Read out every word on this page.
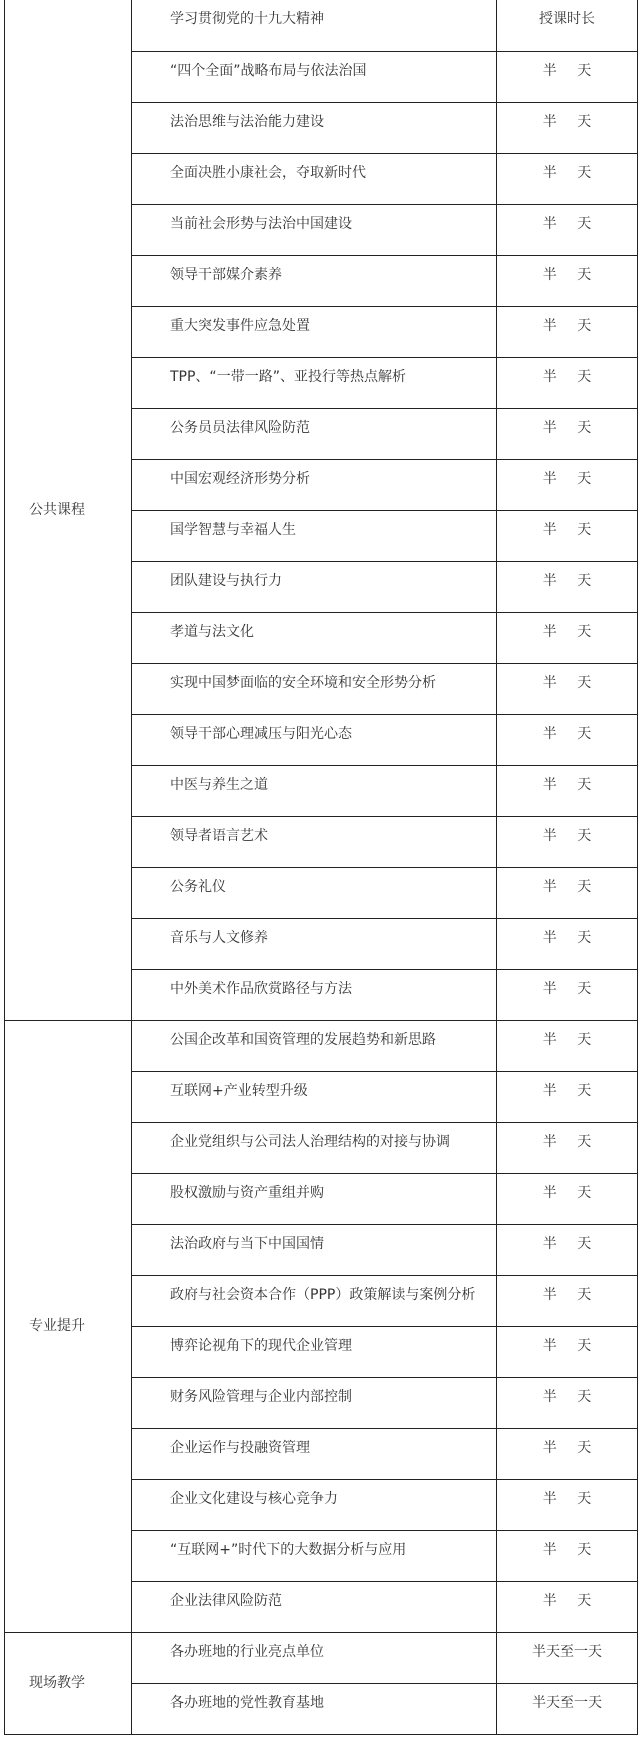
公共课程	学习贯彻党的十九大精神	授课时长
	“四个全面”战略布局与依法治国	半 天
	法治思维与法治能力建设	半 天
	全面决胜小康社会，夺取新时代	半 天
	当前社会形势与法治中国建设	半 天
	领导干部媒介素养	半 天
	重大突发事件应急处置	半 天
	TPP、“一带一路”、亚投行等热点解析	半 天
	公务员员法律风险防范	半 天
	中国宏观经济形势分析	半 天
	国学智慧与幸福人生	半 天
	团队建设与执行力	半 天
	孝道与法文化	半 天
	实现中国梦面临的安全环境和安全形势分析	半 天
	领导干部心理减压与阳光心态	半 天
	中医与养生之道	半 天
	领导者语言艺术	半 天
	公务礼仪	半 天
	音乐与人文修养	半 天
	中外美术作品欣赏路径与方法	半 天
专业提升	公国企改革和国资管理的发展趋势和新思路	半 天
	互联网+产业转型升级	半 天
	企业党组织与公司法人治理结构的对接与协调	半 天
	股权激励与资产重组并购	半 天
	法治政府与当下中国国情	半 天
	政府与社会资本合作（PPP）政策解读与案例分析	半 天
	博弈论视角下的现代企业管理	半 天
	财务风险管理与企业内部控制	半 天
	企业运作与投融资管理	半 天
	企业文化建设与核心竞争力	半 天
	“互联网+”时代下的大数据分析与应用	半 天
	企业法律风险防范	半 天
现场教学	各办班地的行业亮点单位	半天至一天
	各办班地的党性教育基地	半天至一天
